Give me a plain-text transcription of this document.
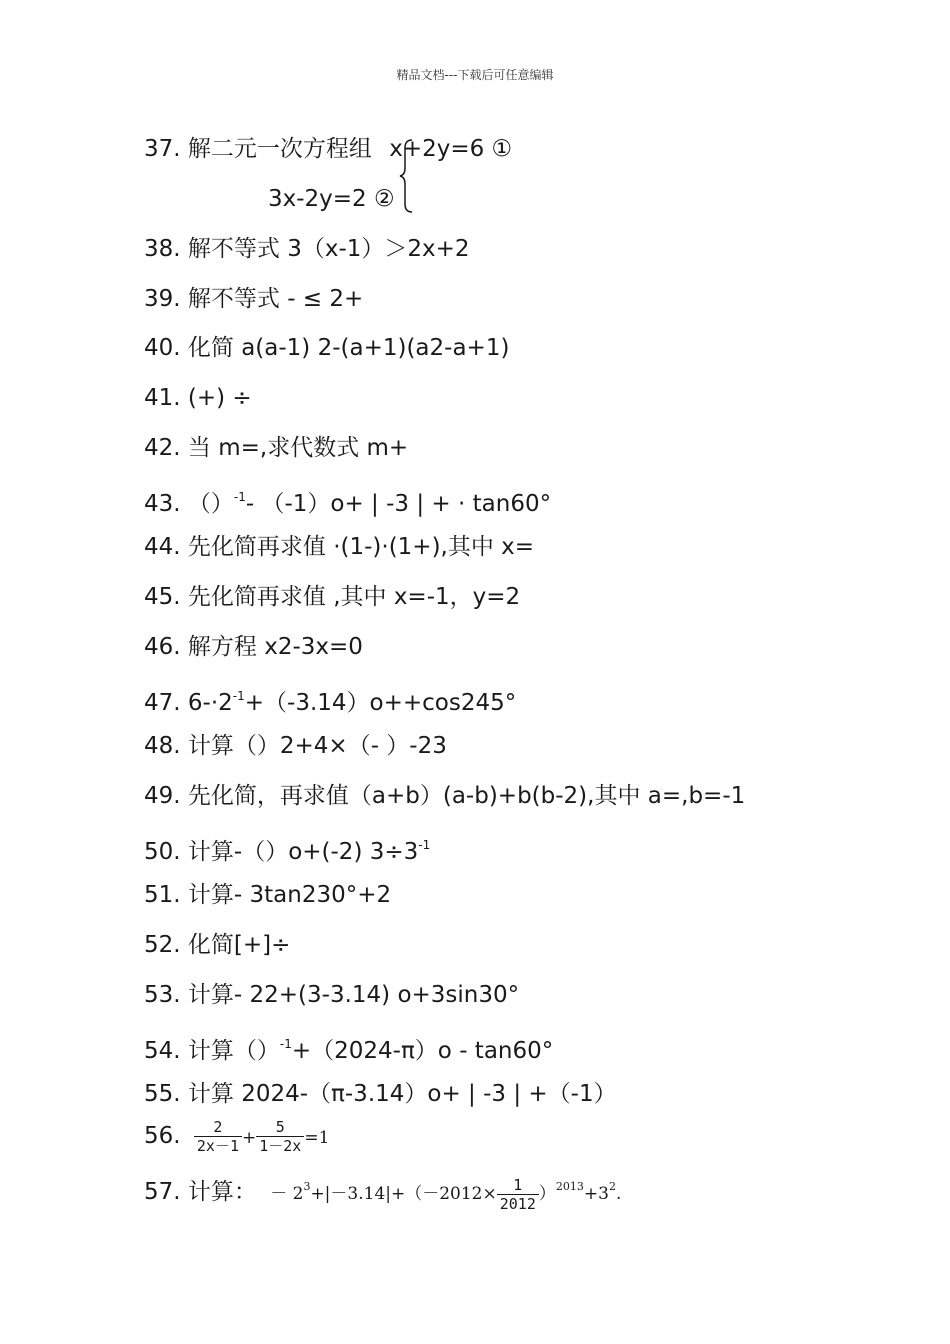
精品文档---下载后可任意编辑
37. 解二元一次方程组 x+2y=6 ①
3x-2y=2 ②
38. 解不等式 3（x-1）＞2x+2
39. 解不等式 - ≤ 2+
40. 化简 a(a-1) 2-(a+1)(a2-a+1)
41. (+) ÷
42. 当 m=,求代数式 m+
43. （）$^{-1}$- （-1）o+ | -3 | + · tan60°
44. 先化简再求值 ·(1-)·(1+),其中 x=
45. 先化简再求值 ,其中 x=-1，y=2
46. 解方程 x2-3x=0
47. $6-\cdot 2^{-1}+(-3.14)o++\cos 245^\circ$
48. 计算（）2+4×（- ）-23
49. 先化简，再求值（a+b）(a-b)+b(b-2),其中 a=,b=-1
50. 计算-（）o+(-2) $3\div 3^{-1}$
51. 计算- 3tan230°+2
52. 化简[+]÷
53. 计算- 22+(3-3.14) o+3sin30°
54. 计算（）$^{-1}$+（2024-π）o - tan60°
55. 计算 2024-（π-3.14）o+ | -3 | +（-1）
56. $\frac{2}{2x-1} + \frac{5}{1-2x} =1$
57. 计算： － $2^3+|-3.14|+(-2012\times \frac{1}{2012} )^{2013}+3^2$.
